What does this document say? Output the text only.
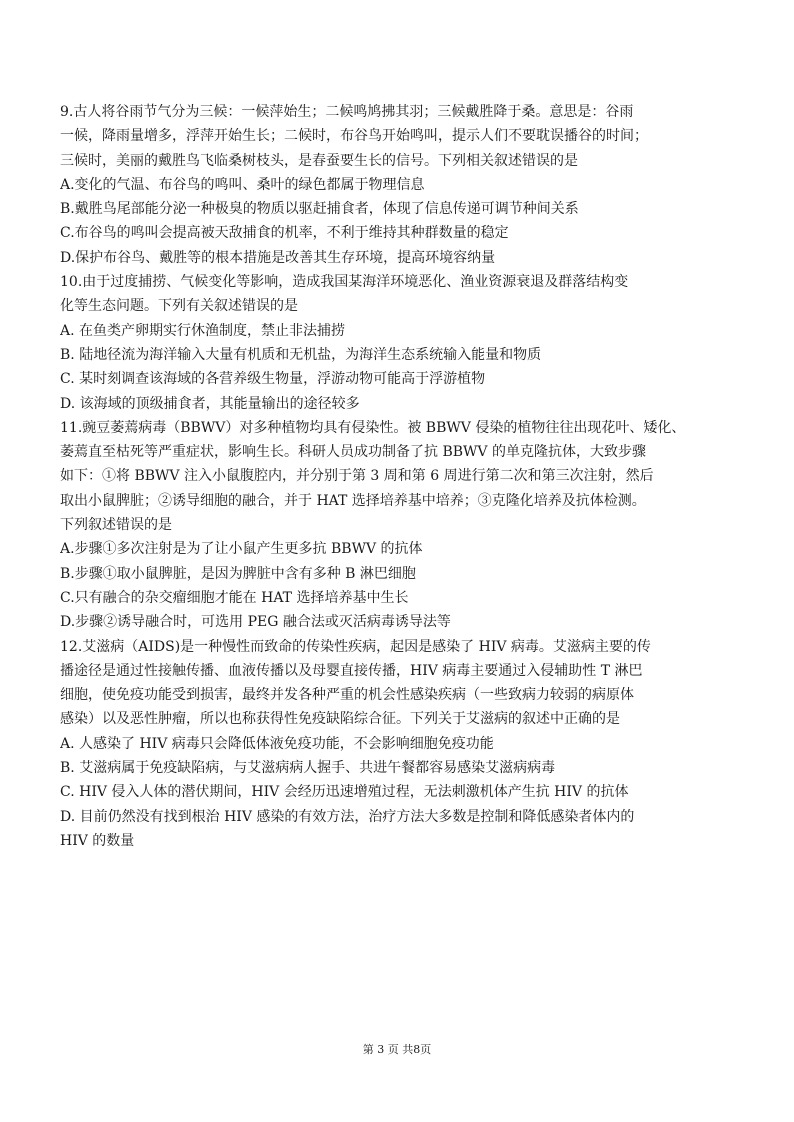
9.古人将谷雨节气分为三候：一候萍始生；二候鸣鸠拂其羽；三候戴胜降于桑。意思是：谷雨
一候，降雨量增多，浮萍开始生长；二候时，布谷鸟开始鸣叫，提示人们不要耽误播谷的时间；
三候时，美丽的戴胜鸟飞临桑树枝头，是春蚕要生长的信号。下列相关叙述错误的是
A.变化的气温、布谷鸟的鸣叫、桑叶的绿色都属于物理信息
B.戴胜鸟尾部能分泌一种极臭的物质以驱赶捕食者，体现了信息传递可调节种间关系
C.布谷鸟的鸣叫会提高被天敌捕食的机率，不利于维持其种群数量的稳定
D.保护布谷鸟、戴胜等的根本措施是改善其生存环境，提高环境容纳量
10.由于过度捕捞、气候变化等影响，造成我国某海洋环境恶化、渔业资源衰退及群落结构变
化等生态问题。下列有关叙述错误的是
A. 在鱼类产卵期实行休渔制度，禁止非法捕捞
B. 陆地径流为海洋输入大量有机质和无机盐，为海洋生态系统输入能量和物质
C. 某时刻调查该海域的各营养级生物量，浮游动物可能高于浮游植物
D. 该海域的顶级捕食者，其能量输出的途径较多
11.豌豆萎蔫病毒（BBWV）对多种植物均具有侵染性。被 BBWV 侵染的植物往往出现花叶、矮化、
萎蔫直至枯死等严重症状，影响生长。科研人员成功制备了抗 BBWV 的单克隆抗体，大致步骤
如下：①将 BBWV 注入小鼠腹腔内，并分别于第 3 周和第 6 周进行第二次和第三次注射，然后
取出小鼠脾脏；②诱导细胞的融合，并于 HAT 选择培养基中培养；③克隆化培养及抗体检测。
下列叙述错误的是
A.步骤①多次注射是为了让小鼠产生更多抗 BBWV 的抗体
B.步骤①取小鼠脾脏，是因为脾脏中含有多种 B 淋巴细胞
C.只有融合的杂交瘤细胞才能在 HAT 选择培养基中生长
D.步骤②诱导融合时，可选用 PEG 融合法或灭活病毒诱导法等
12.艾滋病（AIDS)是一种慢性而致命的传染性疾病，起因是感染了 HIV 病毒。艾滋病主要的传
播途径是通过性接触传播、血液传播以及母婴直接传播，HIV 病毒主要通过入侵辅助性 T 淋巴
细胞，使免疫功能受到损害，最终并发各种严重的机会性感染疾病（一些致病力较弱的病原体
感染）以及恶性肿瘤，所以也称获得性免疫缺陷综合征。下列关于艾滋病的叙述中正确的是
A. 人感染了 HIV 病毒只会降低体液免疫功能，不会影响细胞免疫功能
B. 艾滋病属于免疫缺陷病，与艾滋病病人握手、共进午餐都容易感染艾滋病病毒
C. HIV 侵入人体的潜伏期间，HIV 会经历迅速增殖过程，无法刺激机体产生抗 HIV 的抗体
D. 目前仍然没有找到根治 HIV 感染的有效方法，治疗方法大多数是控制和降低感染者体内的
HIV 的数量
第 3 页 共8页
